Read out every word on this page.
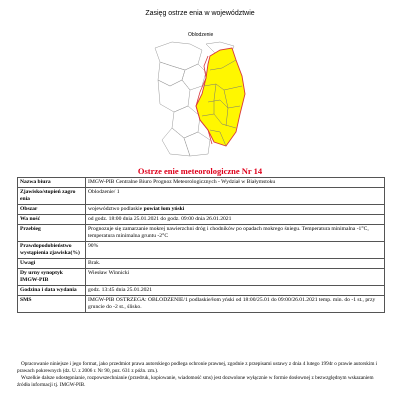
Zasięg ostrze enia w województwie
Oblodzenie
Ostrze enie meteorologiczne Nr 14
Nazwa biura	IMGW-PIB Centralne Biuro Prognoz Meteorologicznych - Wydział w Białymstoku
Zjawisko/stopień zagro enia	Oblodzenie/ 1
Obszar	województwo podlaskie powiat łom yński
Wa ność	od godz. 18:00 dnia 25.01.2021 do godz. 09:00 dnia 26.01.2021
Przebieg	Prognozuje się zamarzanie mokrej nawierzchni dróg i chodników po opadach mokrego śniegu. Temperatura minimalna -1°C, temperatura minimalna gruntu -2°C
Prawdopodobieństwo wystąpienia zjawiska(%)	90%
Uwagi	Brak.
Dy urny synoptyk IMGW-PIB	Wiesław Winnicki
Godzina i data wydania	godz. 13:45 dnia 25.01.2021
SMS	IMGW-PIB OSTRZEGA: OBLODZENIE/1 podlaskie/łom yński od 18:00/25.01 do 09:00/26.01.2021 temp. min. do -1 st., przy gruncie do -2 st., ślisko.

Opracowanie niniejsze i jego format, jako przedmiot prawa autorskiego podlega ochronie prawnej, zgodnie z przepisami ustawy z dnia 4 lutego 1994r o prawie autorskim i prawach pokrewnych (dz. U. z 2006 r. Nr 90, poz. 631 z późn. zm.).

Wszelkie dalsze udostępnianie, rozpowszechnianie (przedruk, kopiowanie, wiadomość sms) jest dozwolone wyłącznie w formie dosłownej z bezwzględnym wskazaniem źródła informacji tj. IMGW-PIB.
